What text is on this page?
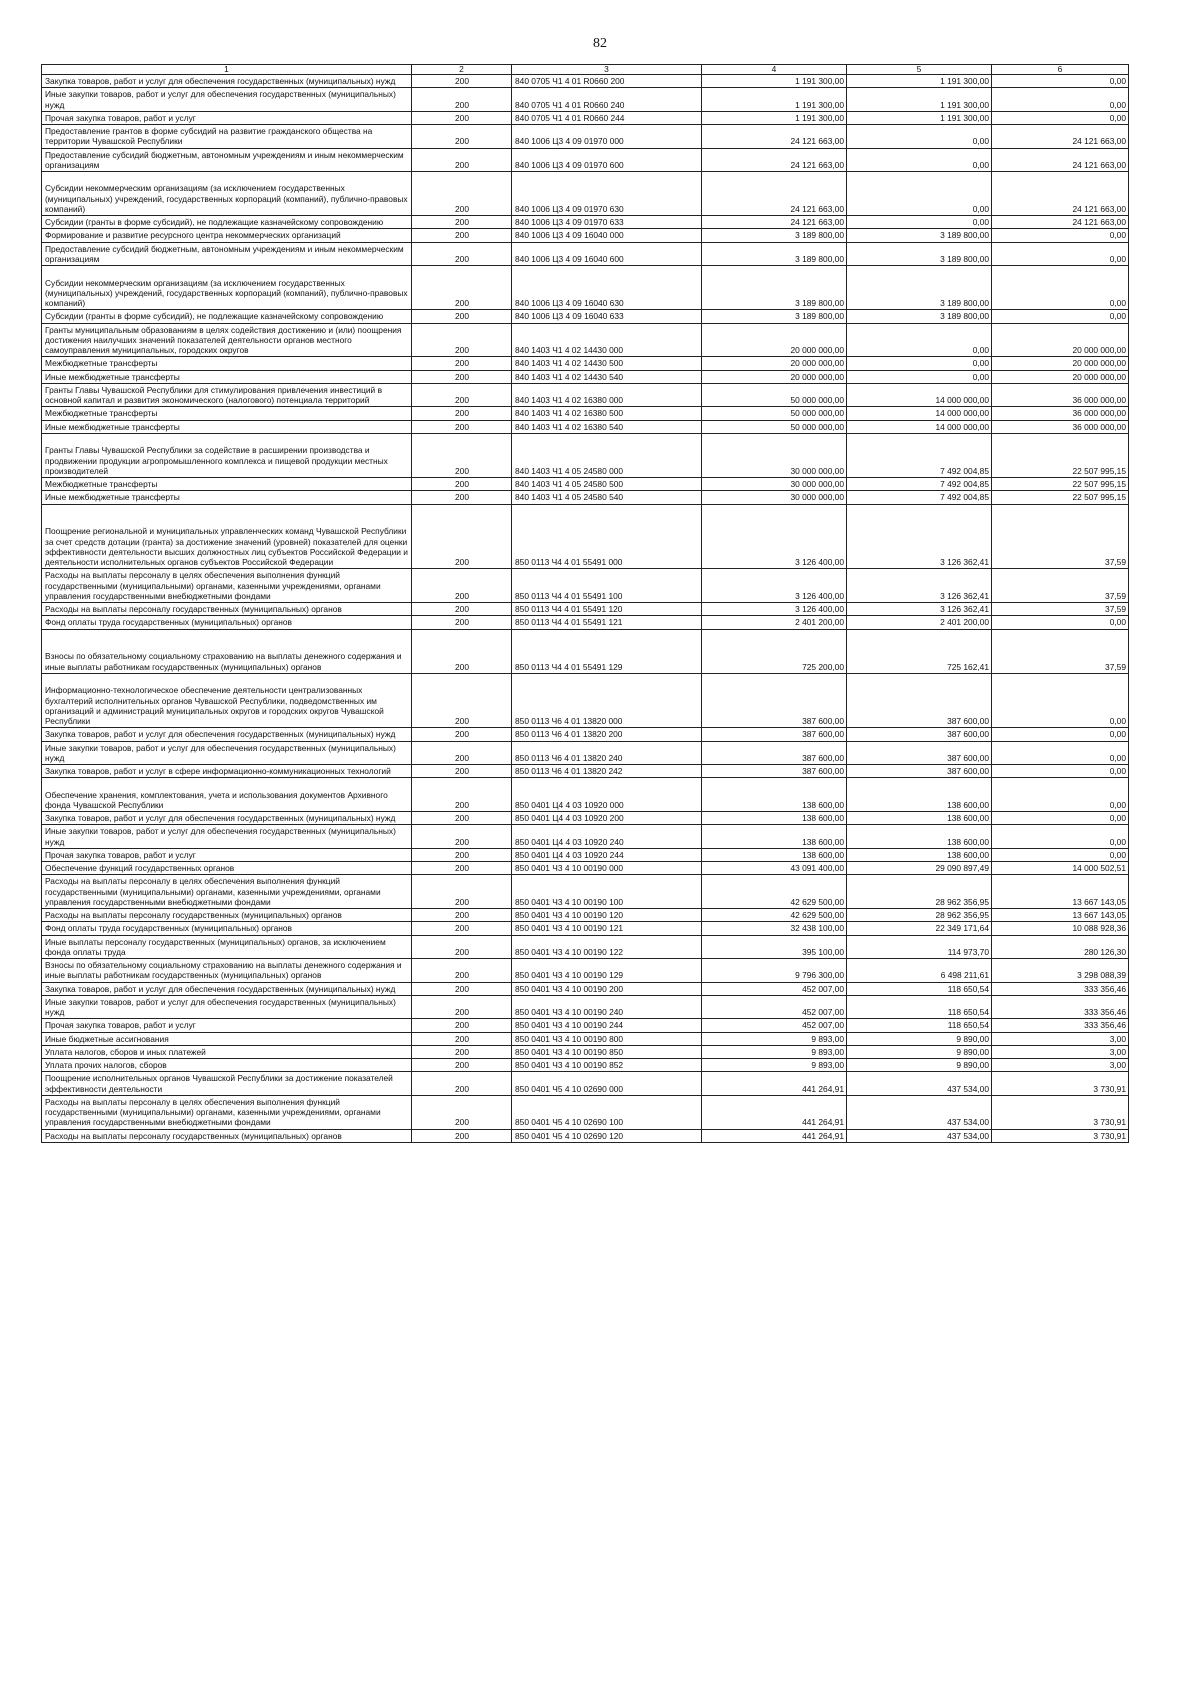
82
1	2	3	4	5	6
Закупка товаров, работ и услуг для обеспечения государственных (муниципальных) нужд	200	840 0705 Ч1 4 01 R0660 200	1 191 300,00	1 191 300,00	0,00
Иные закупки товаров, работ и услуг для обеспечения государственных (муниципальных) нужд	200	840 0705 Ч1 4 01 R0660 240	1 191 300,00	1 191 300,00	0,00
Прочая закупка товаров, работ и услуг	200	840 0705 Ч1 4 01 R0660 244	1 191 300,00	1 191 300,00	0,00
Предоставление грантов в форме субсидий на развитие гражданского общества на территории Чувашской Республики	200	840 1006 Ц3 4 09 01970 000	24 121 663,00	0,00	24 121 663,00
Предоставление субсидий бюджетным, автономным учреждениям и иным некоммерческим организациям	200	840 1006 Ц3 4 09 01970 600	24 121 663,00	0,00	24 121 663,00
Субсидии некоммерческим организациям (за исключением государственных (муниципальных) учреждений, государственных корпораций (компаний), публично-правовых компаний)	200	840 1006 Ц3 4 09 01970 630	24 121 663,00	0,00	24 121 663,00
Субсидии (гранты в форме субсидий), не подлежащие казначейскому сопровождению	200	840 1006 Ц3 4 09 01970 633	24 121 663,00	0,00	24 121 663,00
Формирование и развитие ресурсного центра некоммерческих организаций	200	840 1006 Ц3 4 09 16040 000	3 189 800,00	3 189 800,00	0,00
Предоставление субсидий бюджетным, автономным учреждениям и иным некоммерческим организациям	200	840 1006 Ц3 4 09 16040 600	3 189 800,00	3 189 800,00	0,00
Субсидии некоммерческим организациям (за исключением государственных (муниципальных) учреждений, государственных корпораций (компаний), публично-правовых компаний)	200	840 1006 Ц3 4 09 16040 630	3 189 800,00	3 189 800,00	0,00
Субсидии (гранты в форме субсидий), не подлежащие казначейскому сопровождению	200	840 1006 Ц3 4 09 16040 633	3 189 800,00	3 189 800,00	0,00
Гранты муниципальным образованиям в целях содействия достижению и (или) поощрения достижения наилучших значений показателей деятельности органов местного самоуправления муниципальных, городских округов	200	840 1403 Ч1 4 02 14430 000	20 000 000,00	0,00	20 000 000,00
Межбюджетные трансферты	200	840 1403 Ч1 4 02 14430 500	20 000 000,00	0,00	20 000 000,00
Иные межбюджетные трансферты	200	840 1403 Ч1 4 02 14430 540	20 000 000,00	0,00	20 000 000,00
Гранты Главы Чувашской Республики для стимулирования привлечения инвестиций в основной капитал и развития экономического (налогового) потенциала территорий	200	840 1403 Ч1 4 02 16380 000	50 000 000,00	14 000 000,00	36 000 000,00
Межбюджетные трансферты	200	840 1403 Ч1 4 02 16380 500	50 000 000,00	14 000 000,00	36 000 000,00
Иные межбюджетные трансферты	200	840 1403 Ч1 4 02 16380 540	50 000 000,00	14 000 000,00	36 000 000,00
Гранты Главы Чувашской Республики за содействие в расширении производства и продвижении продукции агропромышленного комплекса и пищевой продукции местных производителей	200	840 1403 Ч1 4 05 24580 000	30 000 000,00	7 492 004,85	22 507 995,15
Межбюджетные трансферты	200	840 1403 Ч1 4 05 24580 500	30 000 000,00	7 492 004,85	22 507 995,15
Иные межбюджетные трансферты	200	840 1403 Ч1 4 05 24580 540	30 000 000,00	7 492 004,85	22 507 995,15
Поощрение региональной и муниципальных управленческих команд Чувашской Республики за счет средств дотации (гранта) за достижение значений (уровней) показателей для оценки эффективности деятельности высших должностных лиц субъектов Российской Федерации и деятельности исполнительных органов субъектов Российской Федерации	200	850 0113 Ч4 4 01 55491 000	3 126 400,00	3 126 362,41	37,59
Расходы на выплаты персоналу в целях обеспечения выполнения функций государственными (муниципальными) органами, казенными учреждениями, органами управления государственными внебюджетными фондами	200	850 0113 Ч4 4 01 55491 100	3 126 400,00	3 126 362,41	37,59
Расходы на выплаты персоналу государственных (муниципальных) органов	200	850 0113 Ч4 4 01 55491 120	3 126 400,00	3 126 362,41	37,59
Фонд оплаты труда государственных (муниципальных) органов	200	850 0113 Ч4 4 01 55491 121	2 401 200,00	2 401 200,00	0,00
Взносы по обязательному социальному страхованию на выплаты денежного содержания и иные выплаты работникам государственных (муниципальных) органов	200	850 0113 Ч4 4 01 55491 129	725 200,00	725 162,41	37,59
Информационно-технологическое обеспечение деятельности централизованных бухгалтерий исполнительных органов Чувашской Республики, подведомственных им организаций и администраций муниципальных округов и городских округов Чувашской Республики	200	850 0113 Ч6 4 01 13820 000	387 600,00	387 600,00	0,00
Закупка товаров, работ и услуг для обеспечения государственных (муниципальных) нужд	200	850 0113 Ч6 4 01 13820 200	387 600,00	387 600,00	0,00
Иные закупки товаров, работ и услуг для обеспечения государственных (муниципальных) нужд	200	850 0113 Ч6 4 01 13820 240	387 600,00	387 600,00	0,00
Закупка товаров, работ и услуг в сфере информационно-коммуникационных технологий	200	850 0113 Ч6 4 01 13820 242	387 600,00	387 600,00	0,00
Обеспечение хранения, комплектования, учета и использования документов Архивного фонда Чувашской Республики	200	850 0401 Ц4 4 03 10920 000	138 600,00	138 600,00	0,00
Закупка товаров, работ и услуг для обеспечения государственных (муниципальных) нужд	200	850 0401 Ц4 4 03 10920 200	138 600,00	138 600,00	0,00
Иные закупки товаров, работ и услуг для обеспечения государственных (муниципальных) нужд	200	850 0401 Ц4 4 03 10920 240	138 600,00	138 600,00	0,00
Прочая закупка товаров, работ и услуг	200	850 0401 Ц4 4 03 10920 244	138 600,00	138 600,00	0,00
Обеспечение функций государственных органов	200	850 0401 Ч3 4 10 00190 000	43 091 400,00	29 090 897,49	14 000 502,51
Расходы на выплаты персоналу в целях обеспечения выполнения функций государственными (муниципальными) органами, казенными учреждениями, органами управления государственными внебюджетными фондами	200	850 0401 Ч3 4 10 00190 100	42 629 500,00	28 962 356,95	13 667 143,05
Расходы на выплаты персоналу государственных (муниципальных) органов	200	850 0401 Ч3 4 10 00190 120	42 629 500,00	28 962 356,95	13 667 143,05
Фонд оплаты труда государственных (муниципальных) органов	200	850 0401 Ч3 4 10 00190 121	32 438 100,00	22 349 171,64	10 088 928,36
Иные выплаты персоналу государственных (муниципальных) органов, за исключением фонда оплаты труда	200	850 0401 Ч3 4 10 00190 122	395 100,00	114 973,70	280 126,30
Взносы по обязательному социальному страхованию на выплаты денежного содержания и иные выплаты работникам государственных (муниципальных) органов	200	850 0401 Ч3 4 10 00190 129	9 796 300,00	6 498 211,61	3 298 088,39
Закупка товаров, работ и услуг для обеспечения государственных (муниципальных) нужд	200	850 0401 Ч3 4 10 00190 200	452 007,00	118 650,54	333 356,46
Иные закупки товаров, работ и услуг для обеспечения государственных (муниципальных) нужд	200	850 0401 Ч3 4 10 00190 240	452 007,00	118 650,54	333 356,46
Прочая закупка товаров, работ и услуг	200	850 0401 Ч3 4 10 00190 244	452 007,00	118 650,54	333 356,46
Иные бюджетные ассигнования	200	850 0401 Ч3 4 10 00190 800	9 893,00	9 890,00	3,00
Уплата налогов, сборов и иных платежей	200	850 0401 Ч3 4 10 00190 850	9 893,00	9 890,00	3,00
Уплата прочих налогов, сборов	200	850 0401 Ч3 4 10 00190 852	9 893,00	9 890,00	3,00
Поощрение исполнительных органов Чувашской Республики за достижение показателей эффективности деятельности	200	850 0401 Ч5 4 10 02690 000	441 264,91	437 534,00	3 730,91
Расходы на выплаты персоналу в целях обеспечения выполнения функций государственными (муниципальными) органами, казенными учреждениями, органами управления государственными внебюджетными фондами	200	850 0401 Ч5 4 10 02690 100	441 264,91	437 534,00	3 730,91
Расходы на выплаты персоналу государственных (муниципальных) органов	200	850 0401 Ч5 4 10 02690 120	441 264,91	437 534,00	3 730,91
